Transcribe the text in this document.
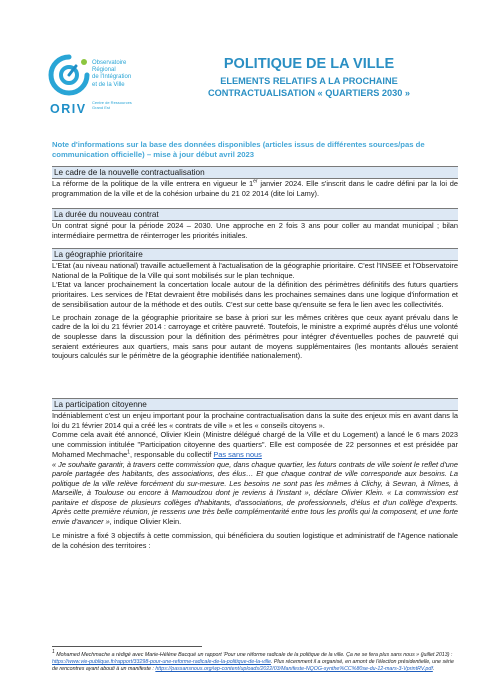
Observatoire
Régional
de l'Intégration
et de la Ville
ORIV Centre de Ressources
Grand Est
POLITIQUE DE LA VILLE
ELEMENTS RELATIFS A LA PROCHAINE
CONTRACTUALISATION « QUARTIERS 2030 »
Note d'informations sur la base des données disponibles (articles issus de différentes sources/pas de communication officielle) – mise à jour début avril 2023
Le cadre de la nouvelle contractualisation

La réforme de la politique de la ville entrera en vigueur le 1er janvier 2024. Elle s'inscrit dans le cadre défini par la loi de programmation de la ville et de la cohésion urbaine du 21 02 2014 (dite loi Lamy).

La durée du nouveau contrat

Un contrat signé pour la période 2024 – 2030. Une approche en 2 fois 3 ans pour coller au mandat municipal ; bilan intermédiaire permettra de réinterroger les priorités initiales.

La géographie prioritaire

L'Etat (au niveau national) travaille actuellement à l'actualisation de la géographie prioritaire. C'est l'INSEE et l'Observatoire National de la Politique de la Ville qui sont mobilisés sur le plan technique.

L'Etat va lancer prochainement la concertation locale autour de la définition des périmètres définitifs des futurs quartiers prioritaires. Les services de l'Etat devraient être mobilisés dans les prochaines semaines dans une logique d'information et de sensibilisation autour de la méthode et des outils. C'est sur cette base qu'ensuite se fera le lien avec les collectivités.

Le prochain zonage de la géographie prioritaire se base à priori sur les mêmes critères que ceux ayant prévalu dans le cadre de la loi du 21 février 2014 : carroyage et critère pauvreté. Toutefois, le ministre a exprimé auprès d'élus une volonté de souplesse dans la discussion pour la définition des périmètres pour intégrer d'éventuelles poches de pauvreté qui seraient extérieures aux quartiers, mais sans pour autant de moyens supplémentaires (les montants alloués seraient toujours calculés sur le périmètre de la géographie identifiée nationalement).

La participation citoyenne

Indéniablement c'est un enjeu important pour la prochaine contractualisation dans la suite des enjeux mis en avant dans la loi du 21 février 2014 qui a créé les « contrats de ville » et les « conseils citoyens ».

Comme cela avait été annoncé, Olivier Klein (Ministre délégué chargé de la Ville et du Logement) a lancé le 6 mars 2023 une commission intitulée "Participation citoyenne des quartiers". Elle est composée de 22 personnes et est présidée par Mohamed Mechmache$^1$, responsable du collectif Pas sans nous

« Je souhaite garantir, à travers cette commission que, dans chaque quartier, les futurs contrats de ville soient le reflet d'une parole partagée des habitants, des associations, des élus… Et que chaque contrat de ville corresponde aux besoins. La politique de la ville relève forcément du sur-mesure. Les besoins ne sont pas les mêmes à Clichy, à Sevran, à Nîmes, à Marseille, à Toulouse ou encore à Mamoudzou dont je reviens à l'instant », déclare Olivier Klein. « La commission est paritaire et dispose de plusieurs collèges d'habitants, d'associations, de professionnels, d'élus et d'un collège d'experts. Après cette première réunion, je ressens une très belle complémentarité entre tous les profils qui la composent, et une forte envie d'avancer », indique Olivier Klein.

Le ministre a fixé 3 objectifs à cette commission, qui bénéficiera du soutien logistique et administratif de l'Agence nationale de la cohésion des territoires :

$^1$ Mohamed Mechmache a rédigé avec Marie-Hélène Bacqué un rapport 'Pour une réforme radicale de la politique de la ville. Ça ne se fera plus sans nous » (juillet 2013) : https://www.vie-publique.fr/rapport/33298-pour-une-reforme-radicale-de-la-politique-de-la-ville. Plus récemment il a organisé, en amont de l'élection présidentielle, une série de rencontres ayant abouti à un manifeste : https://passansnous.org/wp-content/uploads/2022/03/Manifeste-NQOG-synthe%CC%80se-du-12-mars-3-VprintRV.pdf.
